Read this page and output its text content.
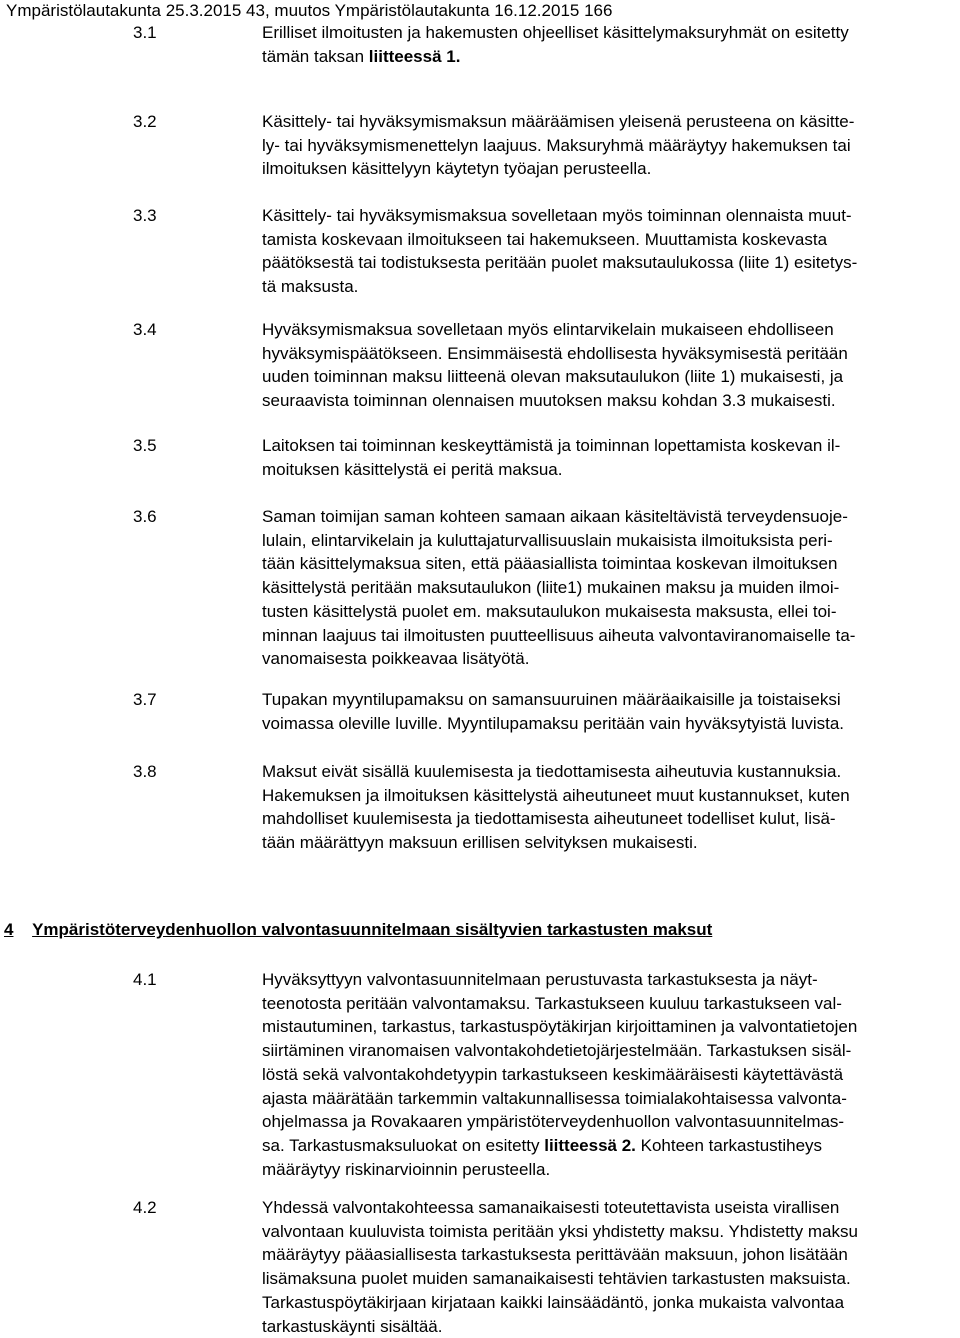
Ympäristölautakunta 25.3.2015 43, muutos Ympäristölautakunta 16.12.2015 166
3.1	Erilliset ilmoitusten ja hakemusten ohjeelliset käsittelymaksuryhmät on esitetty
tämän taksan liitteessä 1.
3.2	Käsittely- tai hyväksymismaksun määräämisen yleisenä perusteena on käsitte-
ly- tai hyväksymismenettelyn laajuus. Maksuryhmä määräytyy hakemuksen tai
ilmoituksen käsittelyyn käytetyn työajan perusteella.
3.3	Käsittely- tai hyväksymismaksua sovelletaan myös toiminnan olennaista muut-
tamista koskevaan ilmoitukseen tai hakemukseen. Muuttamista koskevasta
päätöksestä tai todistuksesta peritään puolet maksutaulukossa (liite 1) esitetys-
tä maksusta.
3.4	Hyväksymismaksua sovelletaan myös elintarvikelain mukaiseen ehdolliseen
hyväksymispäätökseen. Ensimmäisestä ehdollisesta hyväksymisestä peritään
uuden toiminnan maksu liitteenä olevan maksutaulukon (liite 1) mukaisesti, ja
seuraavista toiminnan olennaisen muutoksen maksu kohdan 3.3 mukaisesti.
3.5	Laitoksen tai toiminnan keskeyttämistä ja toiminnan lopettamista koskevan il-
moituksen käsittelystä ei peritä maksua.
3.6	Saman toimijan saman kohteen samaan aikaan käsiteltävistä terveydensuoje-
lulain, elintarvikelain ja kuluttajaturvallisuuslain mukaisista ilmoituksista peri-
tään käsittelymaksua siten, että pääasiallista toimintaa koskevan ilmoituksen
käsittelystä peritään maksutaulukon (liite1) mukainen maksu ja muiden ilmoi-
tusten käsittelystä puolet em. maksutaulukon mukaisesta maksusta, ellei toi-
minnan laajuus tai ilmoitusten puutteellisuus aiheuta valvontaviranomaiselle ta-
vanomaisesta poikkeavaa lisätyötä.
3.7	Tupakan myyntilupamaksu on samansuuruinen määräaikaisille ja toistaiseksi
voimassa oleville luville. Myyntilupamaksu peritään vain hyväksytyistä luvista.
3.8	Maksut eivät sisällä kuulemisesta ja tiedottamisesta aiheutuvia kustannuksia.
Hakemuksen ja ilmoituksen käsittelystä aiheutuneet muut kustannukset, kuten
mahdolliset kuulemisesta ja tiedottamisesta aiheutuneet todelliset kulut, lisä-
tään määrättyyn maksuun erillisen selvityksen mukaisesti.
4 Ympäristöterveydenhuollon valvontasuunnitelmaan sisältyvien tarkastusten maksut
4.1	Hyväksyttyyn valvontasuunnitelmaan perustuvasta tarkastuksesta ja näyt-
teenotosta peritään valvontamaksu. Tarkastukseen kuuluu tarkastukseen val-
mistautuminen, tarkastus, tarkastuspöytäkirjan kirjoittaminen ja valvontatietojen
siirtäminen viranomaisen valvontakohdetietojärjestelmään. Tarkastuksen sisäl-
löstä sekä valvontakohdetyypin tarkastukseen keskimääräisesti käytettävästä
ajasta määrätään tarkemmin valtakunnallisessa toimialakohtaisessa valvonta-
ohjelmassa ja Rovakaaren ympäristöterveydenhuollon valvontasuunnitelmas-
sa. Tarkastusmaksuluokat on esitetty liitteessä 2. Kohteen tarkastustiheys
määräytyy riskinarvioinnin perusteella.
4.2	Yhdessä valvontakohteessa samanaikaisesti toteutettavista useista virallisen
valvontaan kuuluvista toimista peritään yksi yhdistetty maksu. Yhdistetty maksu
määräytyy pääasiallisesta tarkastuksesta perittävään maksuun, johon lisätään
lisämaksuna puolet muiden samanaikaisesti tehtävien tarkastusten maksuista.
Tarkastuspöytäkirjaan kirjataan kaikki lainsäädäntö, jonka mukaista valvontaa
tarkastuskäynti sisältää.
